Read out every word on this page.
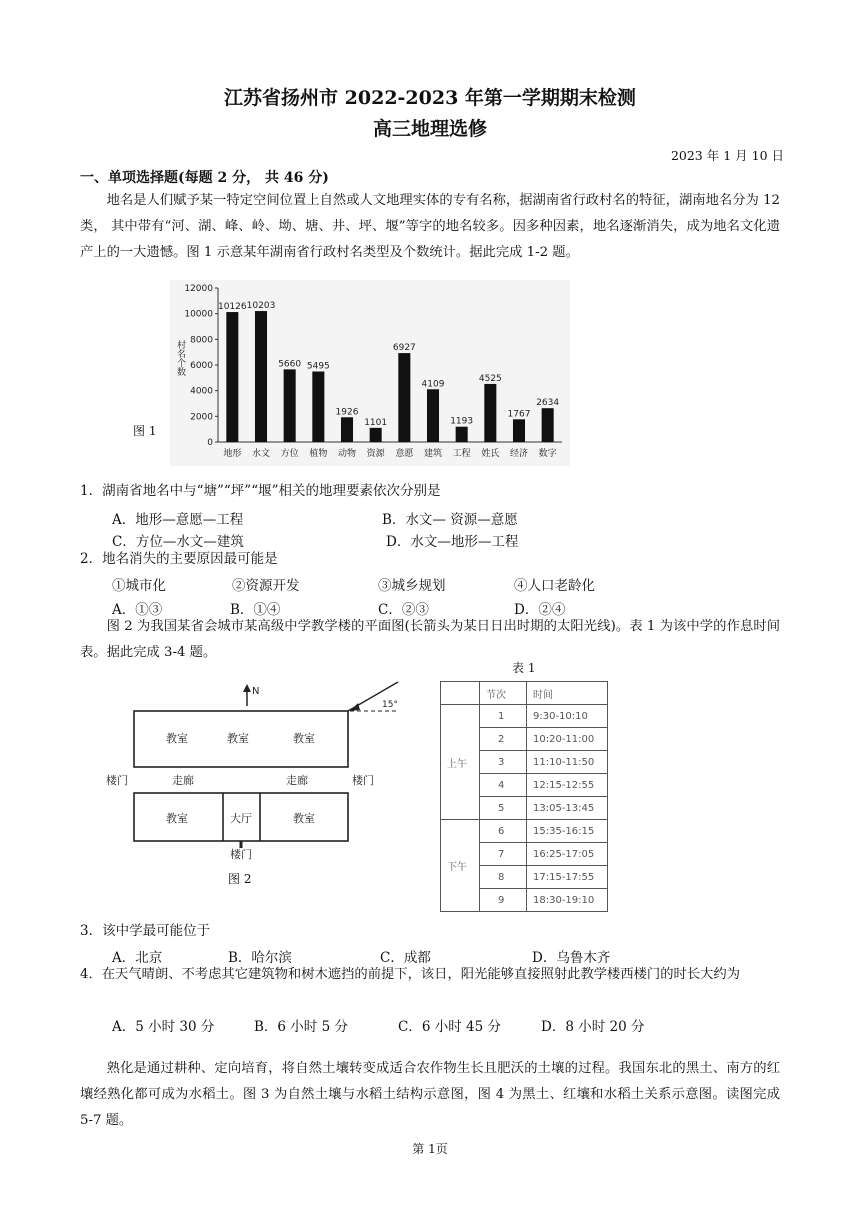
江苏省扬州市 2022-2023 年第一学期期末检测
高三地理选修
2023 年 1 月 10 日
一、单项选择题(每题 2 分， 共 46 分)
地名是人们赋予某一特定空间位置上自然或人文地理实体的专有名称，据湖南省行政村名的特征，湖南地名分为 12 类， 其中带有“河、湖、峰、岭、坳、塘、井、坪、堰”等字的地名较多。因多种因素，地名逐渐消失，成为地名文化遗产上的一大遗憾。图 1 示意某年湖南省行政村名类型及个数统计。据此完成 1-2 题。
0
2000
4000
6000
8000
10000
12000
村名个数
10126
地形
10203
水文
5660
方位
5495
植物
1926
动物
1101
资源
6927
意愿
4109
建筑
1193
工程
4525
姓氏
1767
经济
2634
数字
图 1
1．湖南省地名中与“塘”“坪”“堰”相关的地理要素依次分别是
A．地形—意愿—工程	B．水文— 资源—意愿
C．方位—水文—建筑	D．水文—地形—工程
2．地名消失的主要原因最可能是
①城市化	②资源开发	③城乡规划	④人口老龄化
A．①③	B．①④	C．②③	D．②④
图 2 为我国某省会城市某高级中学教学楼的平面图(长箭头为某日日出时期的太阳光线)。表 1 为该中学的作息时间表。据此完成 3-4 题。
N
15°
教室	教室	教室
走廊	走廊
楼门	楼门
教室	大厅	教室
楼门
图 2
表 1
	节次	时间
上午	1	9:30-10:10
	2	10:20-11:00
	3	11:10-11:50
	4	12:15-12:55
	5	13:05-13:45
下午	6	15:35-16:15
	7	16:25-17:05
	8	17:15-17:55
	9	18:30-19:10
3．该中学最可能位于
A．北京	B．哈尔滨	C．成都	D．乌鲁木齐
4．在天气晴朗、不考虑其它建筑物和树木遮挡的前提下，该日，阳光能够直接照射此教学楼西楼门的时长大约为
A．5 小时 30 分	B．6 小时 5 分	C．6 小时 45 分	D．8 小时 20 分
熟化是通过耕种、定向培育，将自然土壤转变成适合农作物生长且肥沃的土壤的过程。我国东北的黑土、南方的红壤经熟化都可成为水稻土。图 3 为自然土壤与水稻土结构示意图，图 4 为黑土、红壤和水稻土关系示意图。读图完成 5-7 题。
第 1页
